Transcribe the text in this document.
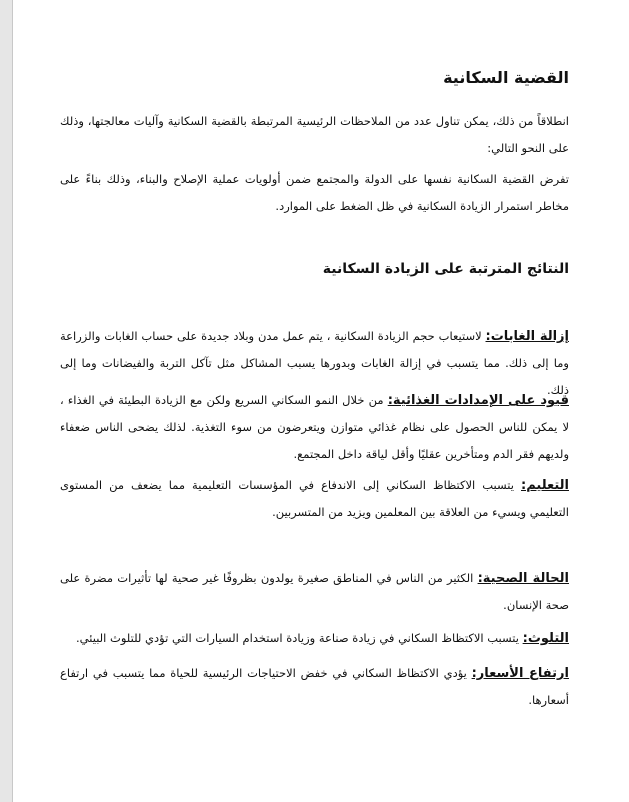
القضية السكانية

انطلاقاً من ذلك، يمكن تناول عدد من الملاحظات الرئيسية المرتبطة بالقضية السكانية وآليات معالجتها، وذلك على النحو التالي:

تفرض القضية السكانية نفسها على الدولة والمجتمع ضمن أولويات عملية الإصلاح والبناء، وذلك بناءً على مخاطر استمرار الزيادة السكانية في ظل الضغط على الموارد.

النتائج المترتبة على الزيادة السكانية

إزالة الغابات: لاستيعاب حجم الزيادة السكانية ، يتم عمل مدن وبلاد جديدة على حساب الغابات والزراعة وما إلى ذلك. مما يتسبب في إزالة الغابات وبدورها يسبب المشاكل مثل تآكل التربة والفيضانات وما إلى ذلك.

قيود على الإمدادات الغذائية: من خلال النمو السكاني السريع ولكن مع الزيادة البطيئة في الغذاء ، لا يمكن للناس الحصول على نظام غذائي متوازن ويتعرضون من سوء التغذية. لذلك يضحى الناس ضعفاء ولديهم فقر الدم ومتأخرين عقليًا وأقل لياقة داخل المجتمع.

التعليم: يتسبب الاكتظاظ السكاني إلى الاندفاع في المؤسسات التعليمية مما يضعف من المستوى التعليمي ويسيء من العلاقة بين المعلمين ويزيد من المتسربين.

الحالة الصحية: الكثير من الناس في المناطق صغيرة يولدون بظروفًا غير صحية لها تأثيرات مضرة على صحة الإنسان.

التلوث: يتسبب الاكتظاظ السكاني في زيادة صناعة وزيادة استخدام السيارات التي تؤدي للتلوث البيئي.

ارتفاع الأسعار: يؤدي الاكتظاظ السكاني في خفض الاحتياجات الرئيسية للحياة مما يتسبب في ارتفاع أسعارها.
